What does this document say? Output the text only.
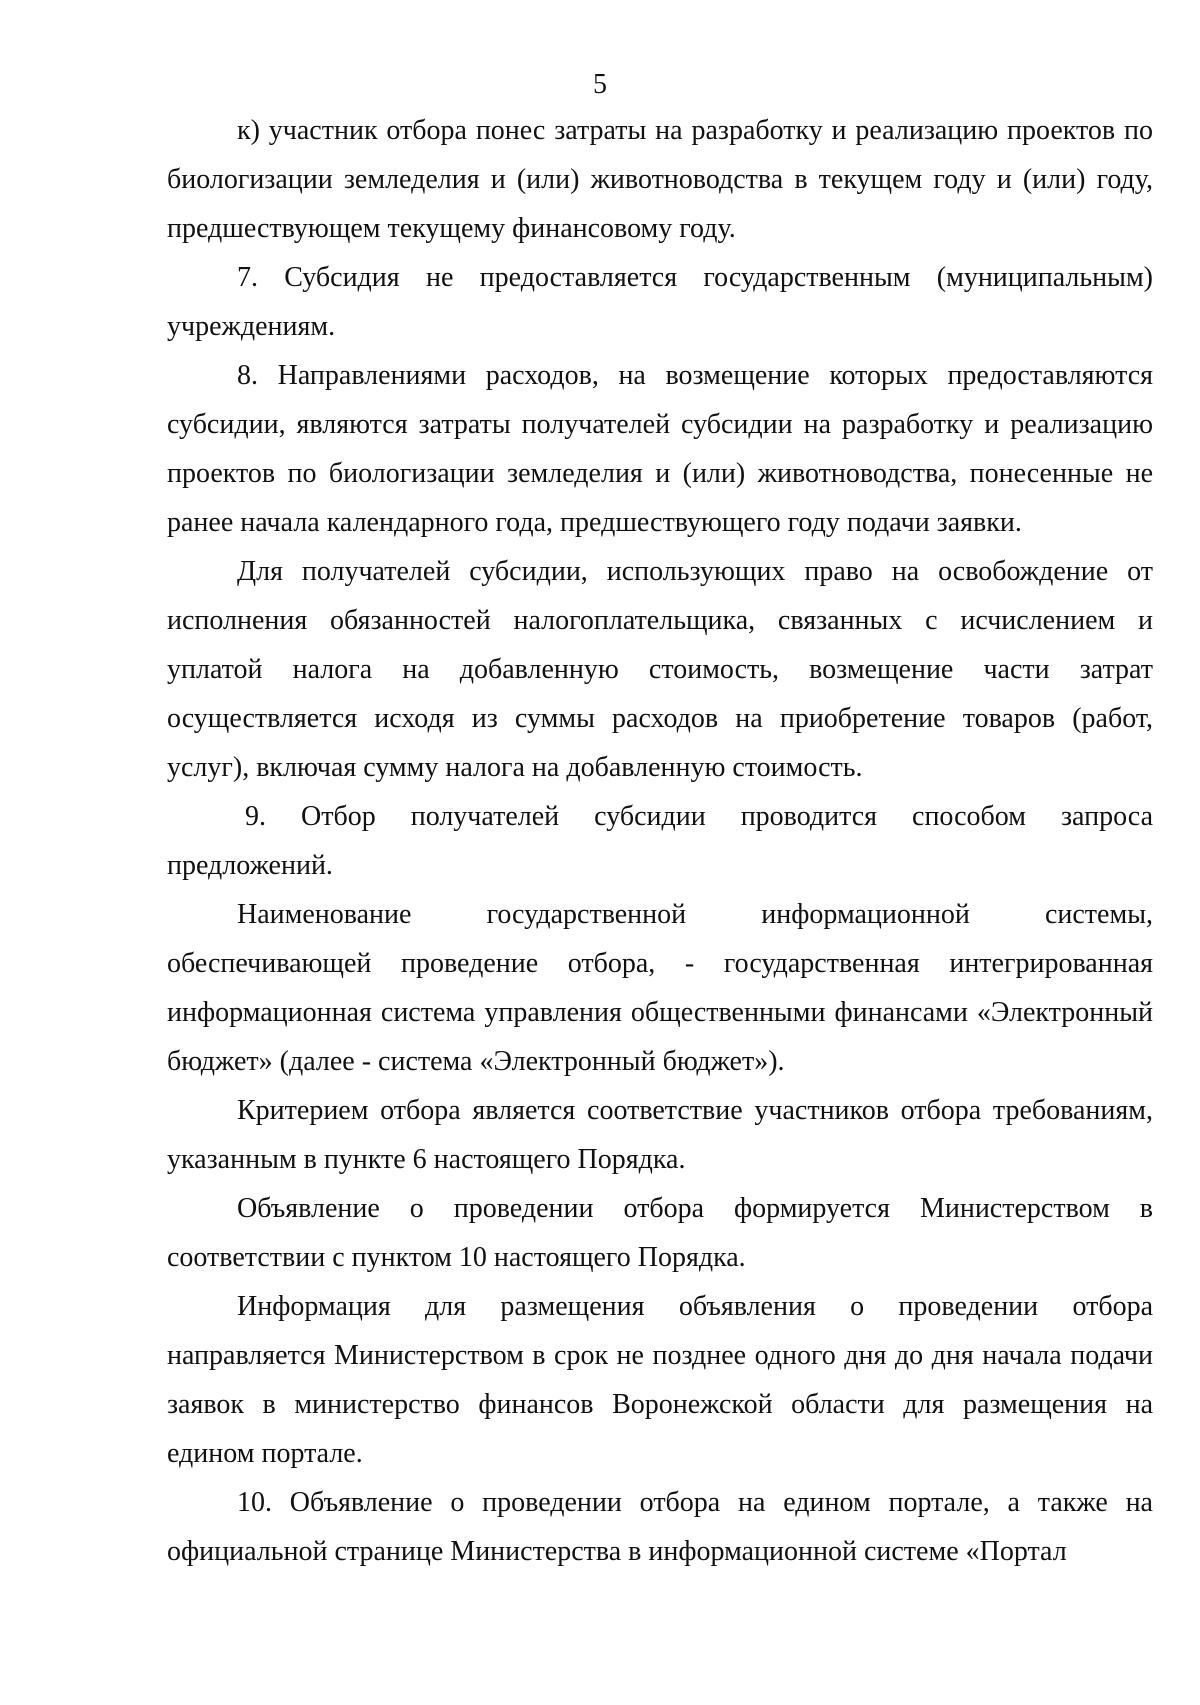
5

к) участник отбора понес затраты на разработку и реализацию проектов по биологизации земледелия и (или) животноводства в текущем году и (или) году, предшествующем текущему финансовому году.

7. Субсидия не предоставляется государственным (муниципальным) учреждениям.

8. Направлениями расходов, на возмещение которых предоставляются субсидии, являются затраты получателей субсидии на разработку и реализацию проектов по биологизации земледелия и (или) животноводства, понесенные не ранее начала календарного года, предшествующего году подачи заявки.

Для получателей субсидии, использующих право на освобождение от исполнения обязанностей налогоплательщика, связанных с исчислением и уплатой налога на добавленную стоимость, возмещение части затрат осуществляется исходя из суммы расходов на приобретение товаров (работ, услуг), включая сумму налога на добавленную стоимость.

9. Отбор получателей субсидии проводится способом запроса предложений.

Наименование государственной информационной системы, обеспечивающей проведение отбора, - государственная интегрированная информационная система управления общественными финансами «Электронный бюджет» (далее - система «Электронный бюджет»).

Критерием отбора является соответствие участников отбора требованиям, указанным в пункте 6 настоящего Порядка.

Объявление о проведении отбора формируется Министерством в соответствии с пунктом 10 настоящего Порядка.

Информация для размещения объявления о проведении отбора направляется Министерством в срок не позднее одного дня до дня начала подачи заявок в министерство финансов Воронежской области для размещения на едином портале.

10. Объявление о проведении отбора на едином портале, а также на официальной странице Министерства в информационной системе «Портал
